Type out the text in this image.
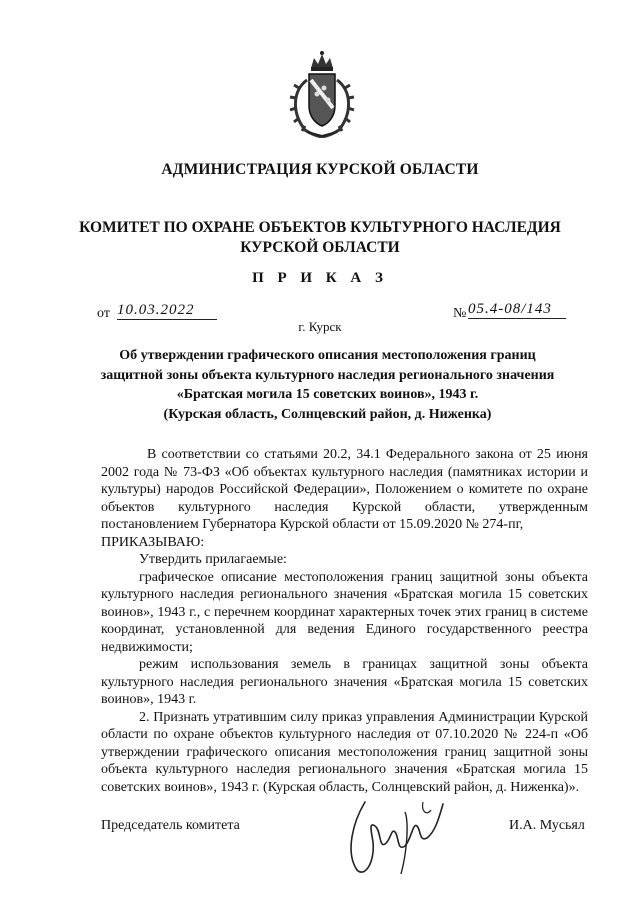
АДМИНИСТРАЦИЯ КУРСКОЙ ОБЛАСТИ
КОМИТЕТ ПО ОХРАНЕ ОБЪЕКТОВ КУЛЬТУРНОГО НАСЛЕДИЯ
КУРСКОЙ ОБЛАСТИ
П Р И К А З
от 10.03.2022	№ 05.4-08/143
г. Курск
Об утверждении графического описания местоположения границ
защитной зоны объекта культурного наследия регионального значения
«Братская могила 15 советских воинов», 1943 г.
(Курская область, Солнцевский район, д. Ниженка)

В соответствии со статьями 20.2, 34.1 Федерального закона от 25 июня 2002 года № 73-ФЗ «Об объектах культурного наследия (памятниках истории и культуры) народов Российской Федерации», Положением о комитете по охране объектов культурного наследия Курской области, утвержденным постановлением Губернатора Курской области от 15.09.2020 № 274-пг,

ПРИКАЗЫВАЮ:

Утвердить прилагаемые:

графическое описание местоположения границ защитной зоны объекта культурного наследия регионального значения «Братская могила 15 советских воинов», 1943 г., с перечнем координат характерных точек этих границ в системе координат, установленной для ведения Единого государственного реестра недвижимости;

режим использования земель в границах защитной зоны объекта культурного наследия регионального значения «Братская могила 15 советских воинов», 1943 г.

2. Признать утратившим силу приказ управления Администрации Курской области по охране объектов культурного наследия от 07.10.2020 № 224-п «Об утверждении графического описания местоположения границ защитной зоны объекта культурного наследия регионального значения «Братская могила 15 советских воинов», 1943 г. (Курская область, Солнцевский район, д. Ниженка)».

Председатель комитета	И.А. Мусьял
